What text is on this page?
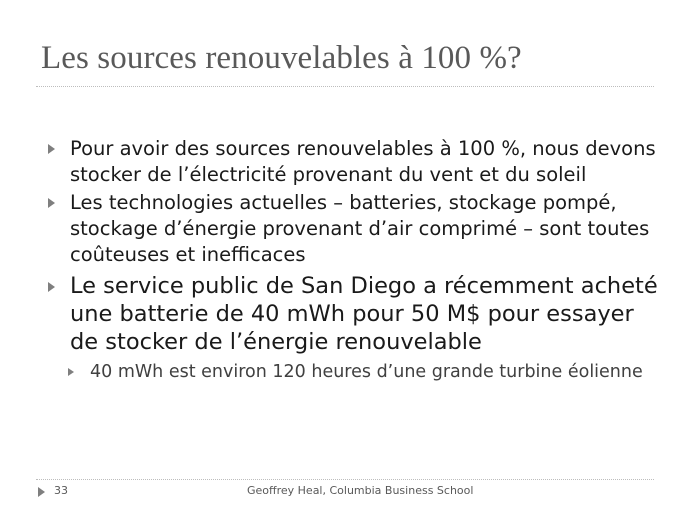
Les sources renouvelables à 100 %?
Pour avoir des sources renouvelables à 100 %, nous devons stocker de l’électricité provenant du vent et du soleil
Les technologies actuelles – batteries, stockage pompé, stockage d’énergie provenant d’air comprimé – sont toutes coûteuses et inefficaces
Le service public de San Diego a récemment acheté une batterie de 40 mWh pour 50 M$ pour essayer de stocker de l’énergie renouvelable
40 mWh est environ 120 heures d’une grande turbine éolienne
33	Geoffrey Heal, Columbia Business School
